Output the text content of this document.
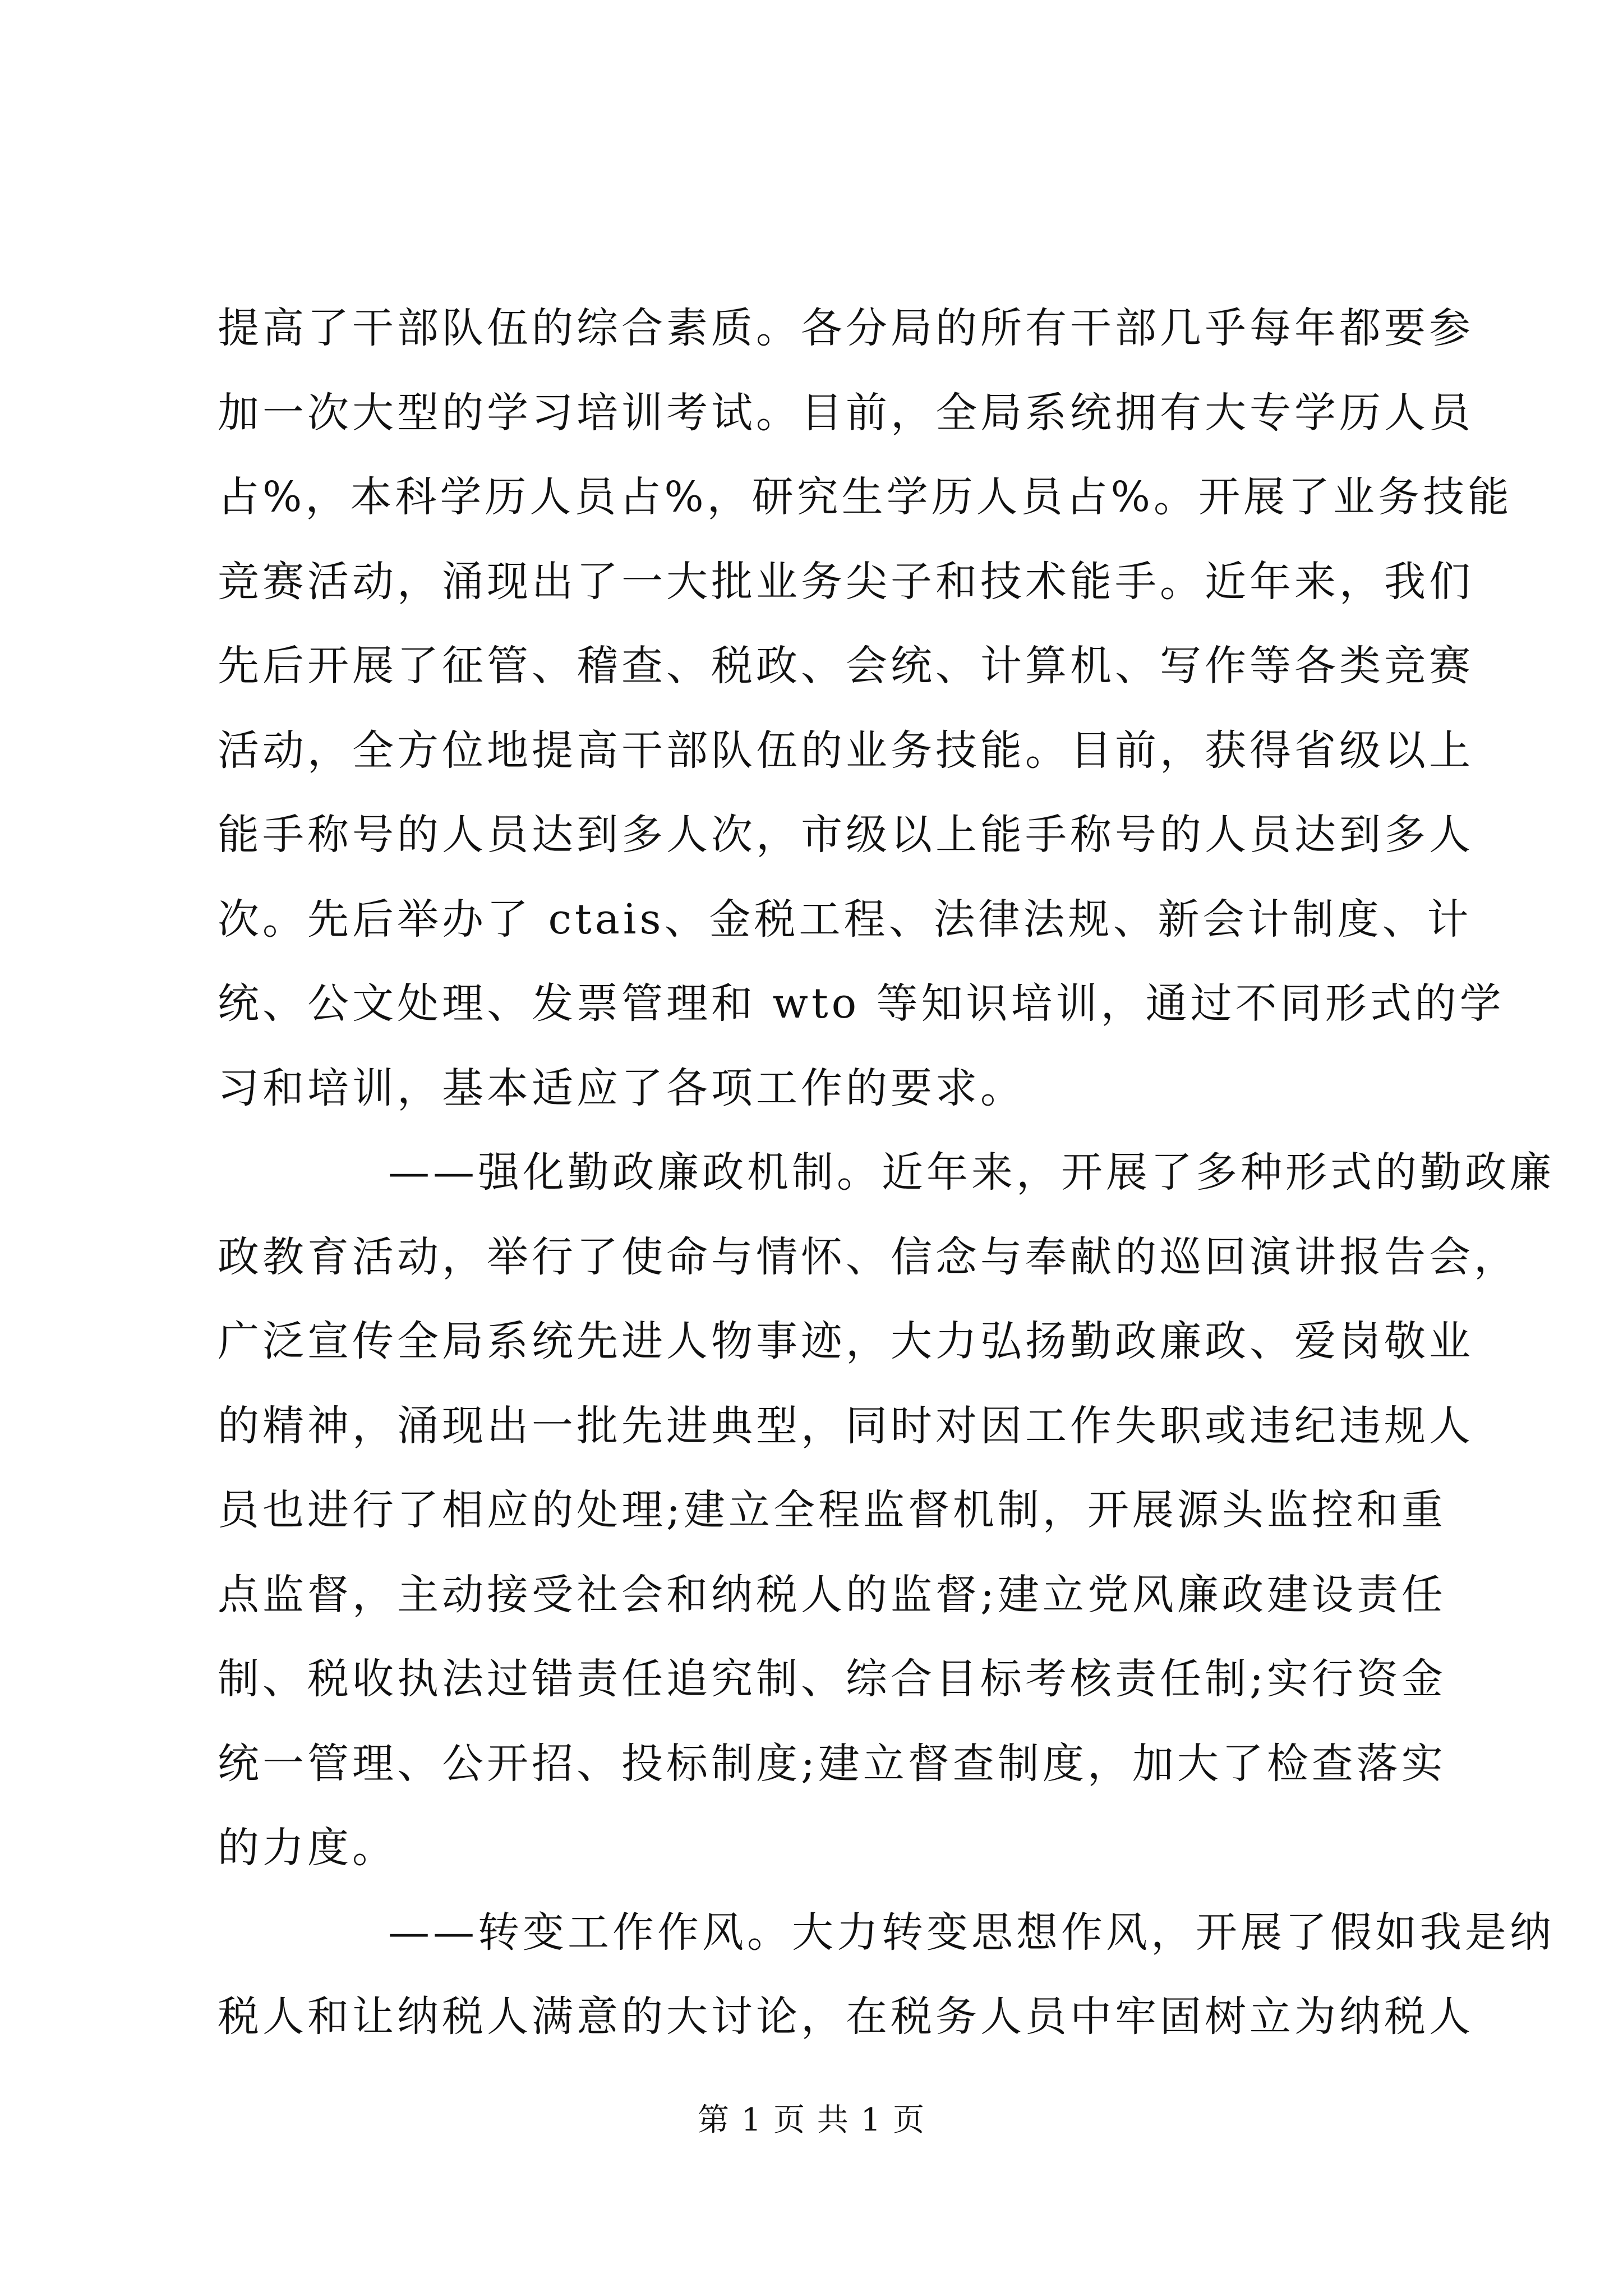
提高了干部队伍的综合素质。各分局的所有干部几乎每年都要参
加一次大型的学习培训考试。目前，全局系统拥有大专学历人员
占%，本科学历人员占%，研究生学历人员占%。开展了业务技能
竞赛活动，涌现出了一大批业务尖子和技术能手。近年来，我们
先后开展了征管、稽查、税政、会统、计算机、写作等各类竞赛
活动，全方位地提高干部队伍的业务技能。目前，获得省级以上
能手称号的人员达到多人次，市级以上能手称号的人员达到多人
次。先后举办了 ctais、金税工程、法律法规、新会计制度、计
统、公文处理、发票管理和 wto 等知识培训，通过不同形式的学
习和培训，基本适应了各项工作的要求。
——强化勤政廉政机制。近年来，开展了多种形式的勤政廉
政教育活动，举行了使命与情怀、信念与奉献的巡回演讲报告会，
广泛宣传全局系统先进人物事迹，大力弘扬勤政廉政、爱岗敬业
的精神，涌现出一批先进典型，同时对因工作失职或违纪违规人
员也进行了相应的处理;建立全程监督机制，开展源头监控和重
点监督，主动接受社会和纳税人的监督;建立党风廉政建设责任
制、税收执法过错责任追究制、综合目标考核责任制;实行资金
统一管理、公开招、投标制度;建立督查制度，加大了检查落实
的力度。
——转变工作作风。大力转变思想作风，开展了假如我是纳
税人和让纳税人满意的大讨论，在税务人员中牢固树立为纳税人
第 1 页 共 1 页
